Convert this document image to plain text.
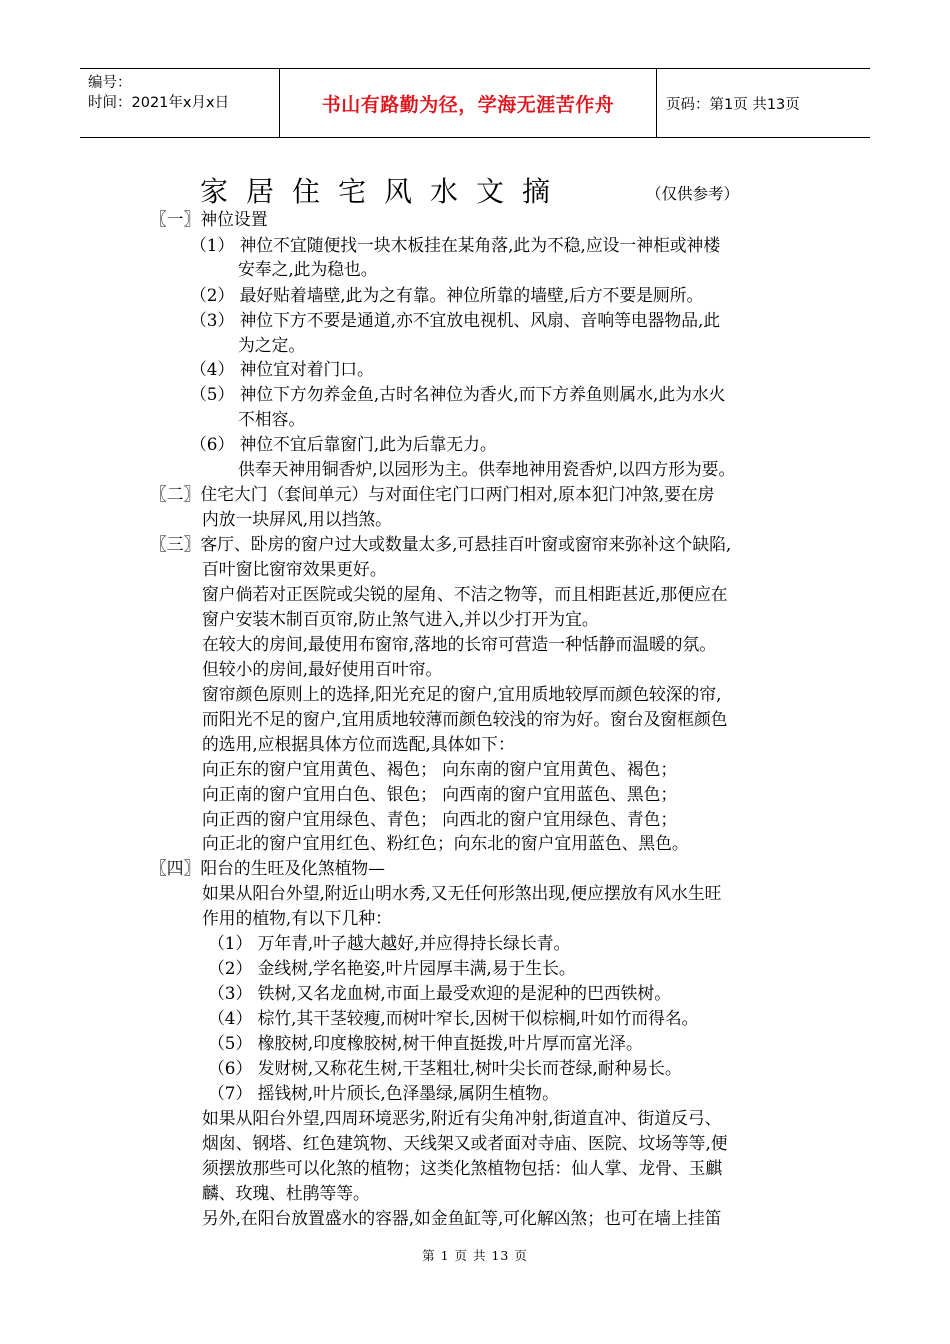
编号：
时间：2021年x月x日	书山有路勤为径，学海无涯苦作舟	页码：第1页 共13页
家居住宅风水文摘	（仅供参考）
〖一〗神位设置
（1） 神位不宜随便找一块木板挂在某角落,此为不稳,应设一神柜或神楼
安奉之,此为稳也。
（2） 最好贴着墙壁,此为之有靠。神位所靠的墙壁,后方不要是厕所。
（3） 神位下方不要是通道,亦不宜放电视机、风扇、音响等电器物品,此
为之定。
（4） 神位宜对着门口。
（5） 神位下方勿养金鱼,古时名神位为香火,而下方养鱼则属水,此为水火
不相容。
（6） 神位不宜后靠窗门,此为后靠无力。
供奉天神用铜香炉,以园形为主。供奉地神用瓷香炉,以四方形为要。
〖二〗住宅大门（套间单元）与对面住宅门口两门相对,原本犯门冲煞,要在房
内放一块屏风,用以挡煞。
〖三〗客厅、卧房的窗户过大或数量太多,可悬挂百叶窗或窗帘来弥补这个缺陷,
百叶窗比窗帘效果更好。
窗户倘若对正医院或尖锐的屋角、不洁之物等，而且相距甚近,那便应在
窗户安装木制百页帘,防止煞气进入,并以少打开为宜。
在较大的房间,最使用布窗帘,落地的长帘可营造一种恬静而温暖的氛。
但较小的房间,最好使用百叶帘。
窗帘颜色原则上的选择,阳光充足的窗户,宜用质地较厚而颜色较深的帘,
而阳光不足的窗户,宜用质地较薄而颜色较浅的帘为好。窗台及窗框颜色
的选用,应根据具体方位而选配,具体如下：
向正东的窗户宜用黄色、褐色； 向东南的窗户宜用黄色、褐色；
向正南的窗户宜用白色、银色； 向西南的窗户宜用蓝色、黑色；
向正西的窗户宜用绿色、青色； 向西北的窗户宜用绿色、青色；
向正北的窗户宜用红色、粉红色；向东北的窗户宜用蓝色、黑色。
〖四〗阳台的生旺及化煞植物—
如果从阳台外望,附近山明水秀,又无任何形煞出现,便应摆放有风水生旺
作用的植物,有以下几种：
（1） 万年青,叶子越大越好,并应得持长绿长青。
（2） 金线树,学名艳姿,叶片园厚丰满,易于生长。
（3） 铁树,又名龙血树,市面上最受欢迎的是泥种的巴西铁树。
（4） 棕竹,其干茎较瘦,而树叶窄长,因树干似棕榈,叶如竹而得名。
（5） 橡胶树,印度橡胶树,树干伸直挺拨,叶片厚而富光泽。
（6） 发财树,又称花生树,干茎粗壮,树叶尖长而苍绿,耐种易长。
（7） 摇钱树,叶片颀长,色泽墨绿,属阴生植物。
如果从阳台外望,四周环境恶劣,附近有尖角冲射,街道直冲、街道反弓、
烟囱、钢塔、红色建筑物、天线架又或者面对寺庙、医院、坟场等等,便
须摆放那些可以化煞的植物；这类化煞植物包括：仙人掌、龙骨、玉麒
麟、玫瑰、杜鹃等等。
另外,在阳台放置盛水的容器,如金鱼缸等,可化解凶煞；也可在墙上挂笛
第 1 页 共 13 页
